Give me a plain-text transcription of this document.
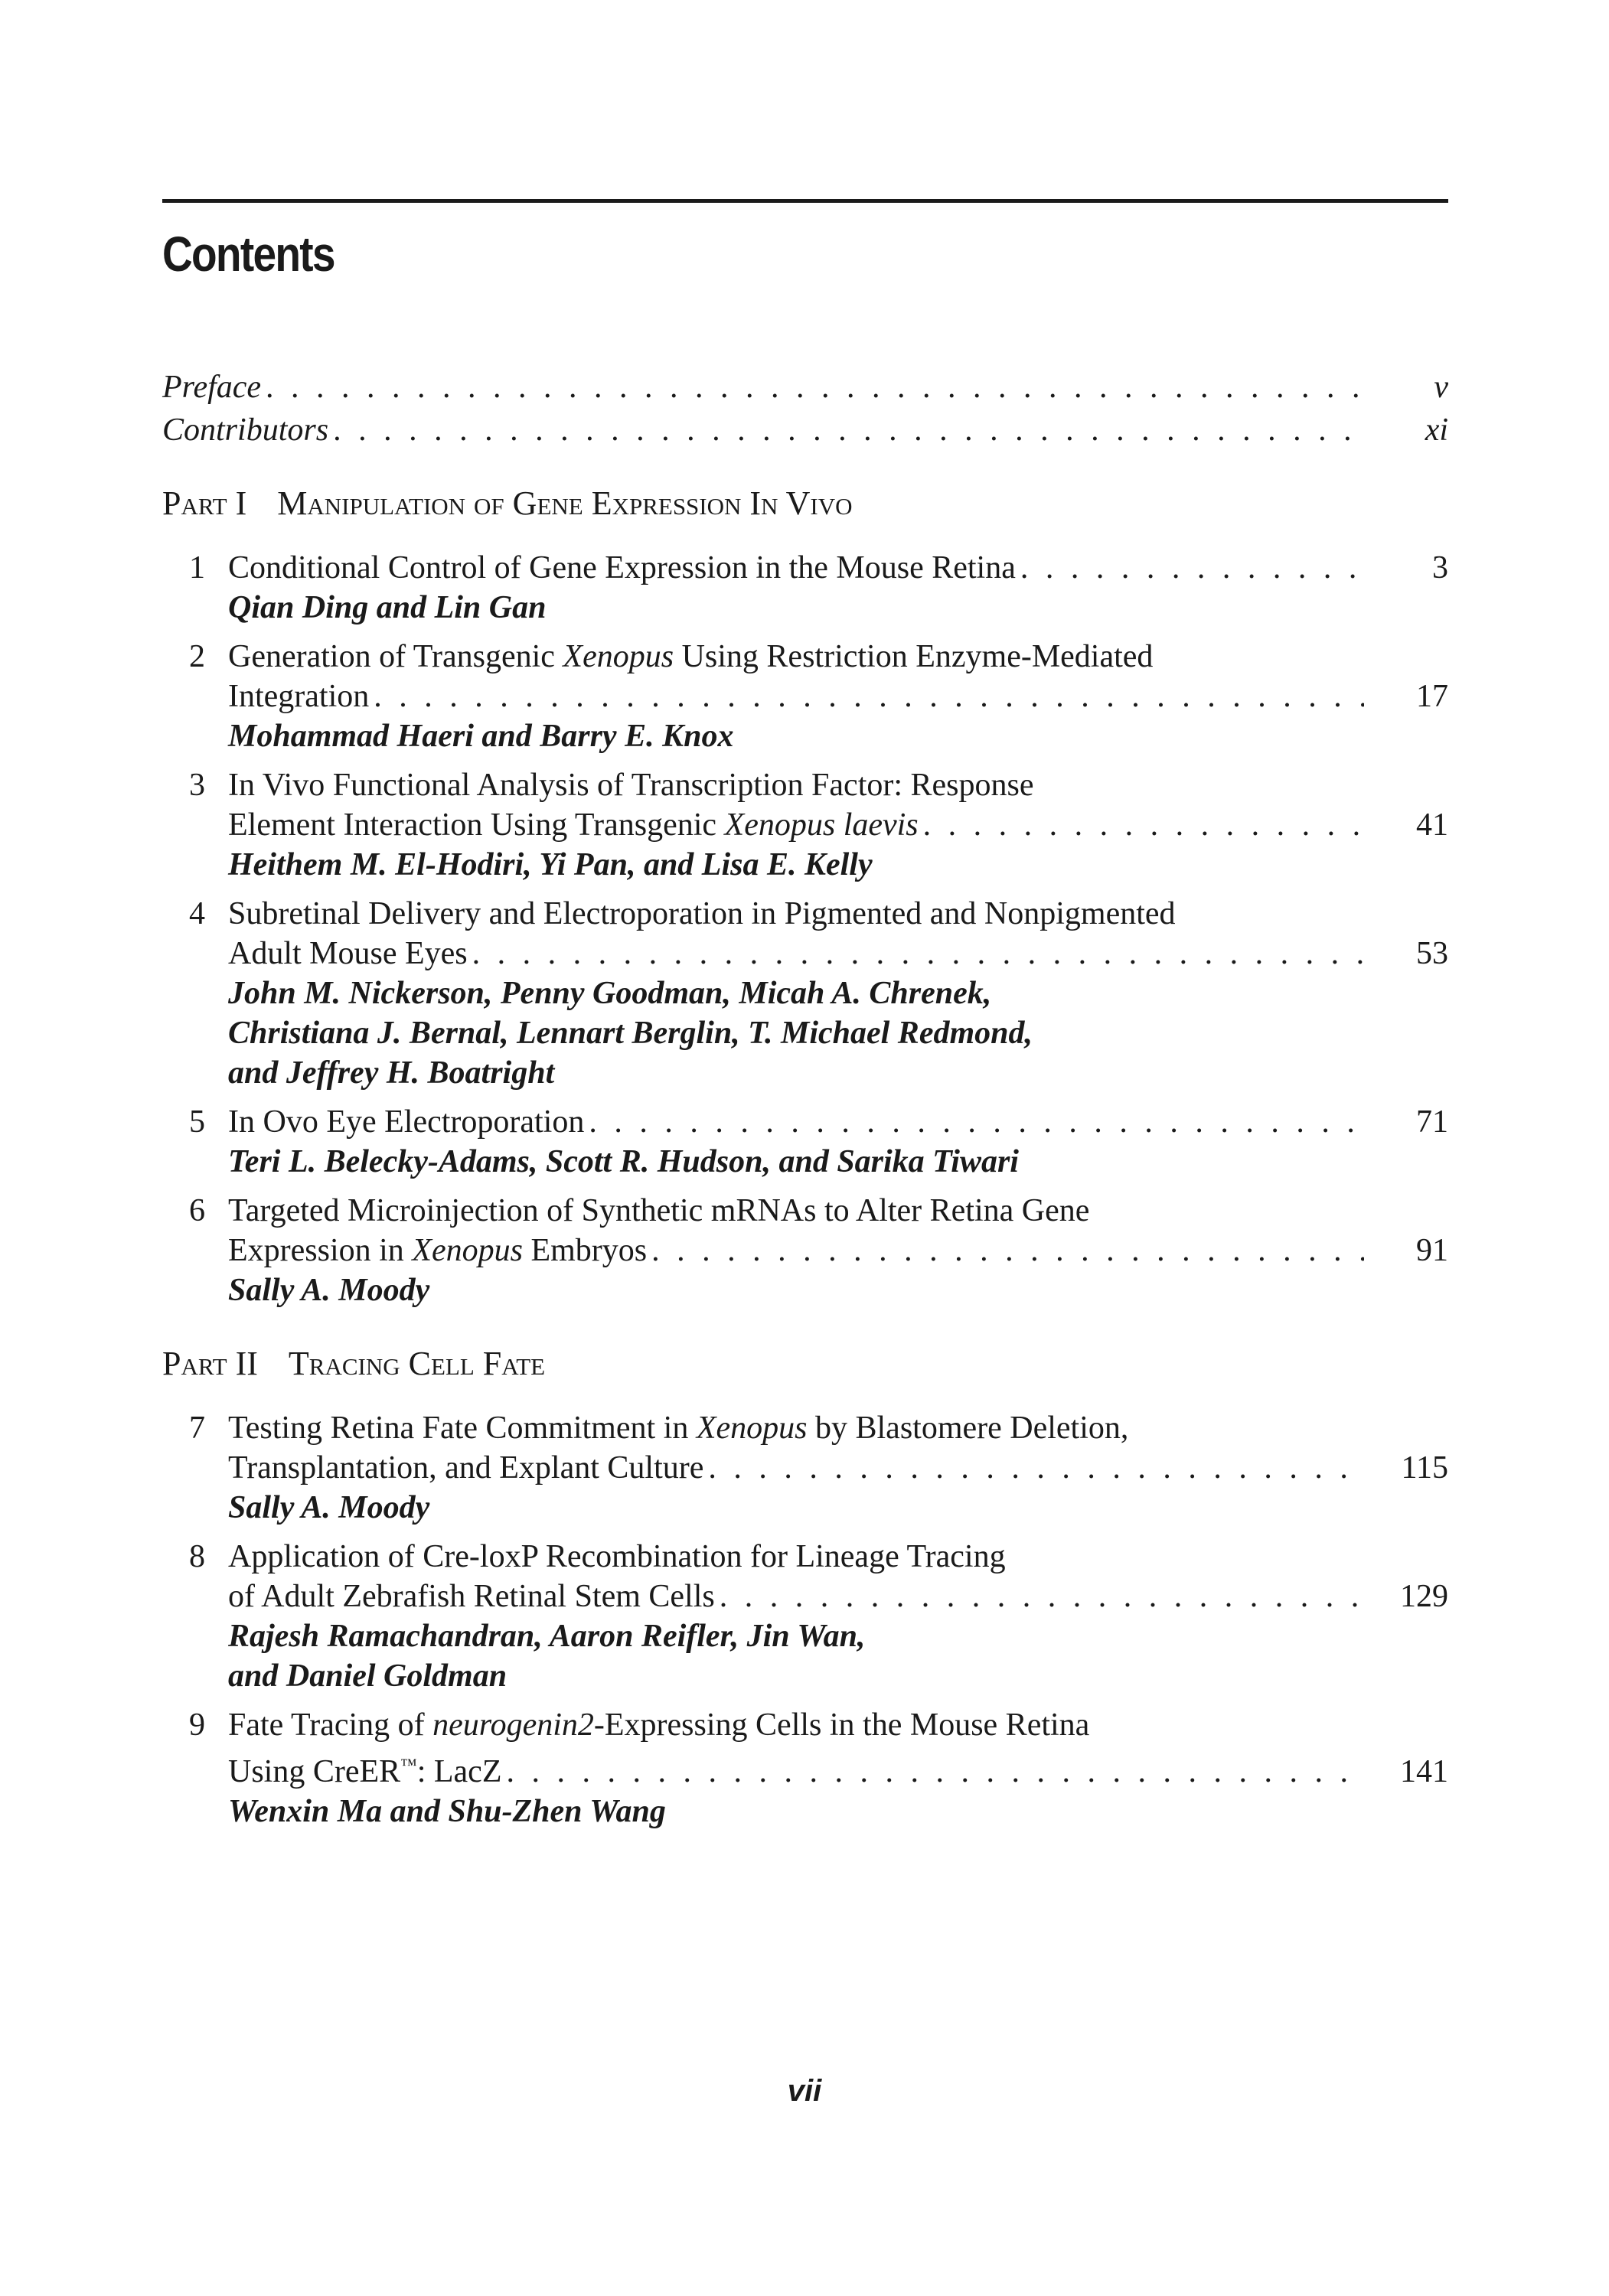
Contents
Preface . . .	v
Contributors . . .	xi
Part I Manipulation of Gene Expression In Vivo
1 Conditional Control of Gene Expression in the Mouse Retina . . .	3
Qian Ding and Lin Gan
2 Generation of Transgenic Xenopus Using Restriction Enzyme-Mediated
Integration . . .	17
Mohammad Haeri and Barry E. Knox
3 In Vivo Functional Analysis of Transcription Factor: Response
Element Interaction Using Transgenic Xenopus laevis . . .	41
Heithem M. El-Hodiri, Yi Pan, and Lisa E. Kelly
4 Subretinal Delivery and Electroporation in Pigmented and Nonpigmented
Adult Mouse Eyes . . .	53
John M. Nickerson, Penny Goodman, Micah A. Chrenek,
Christiana J. Bernal, Lennart Berglin, T. Michael Redmond,
and Jeffrey H. Boatright
5 In Ovo Eye Electroporation . . .	71
Teri L. Belecky-Adams, Scott R. Hudson, and Sarika Tiwari
6 Targeted Microinjection of Synthetic mRNAs to Alter Retina Gene
Expression in Xenopus Embryos . . .	91
Sally A. Moody
Part II Tracing Cell Fate
7 Testing Retina Fate Commitment in Xenopus by Blastomere Deletion,
Transplantation, and Explant Culture . . .	115
Sally A. Moody
8 Application of Cre-loxP Recombination for Lineage Tracing
of Adult Zebrafish Retinal Stem Cells . . .	129
Rajesh Ramachandran, Aaron Reifler, Jin Wan,
and Daniel Goldman
9 Fate Tracing of neurogenin2-Expressing Cells in the Mouse Retina
Using CreER™: LacZ . . .	141
Wenxin Ma and Shu-Zhen Wang
vii
